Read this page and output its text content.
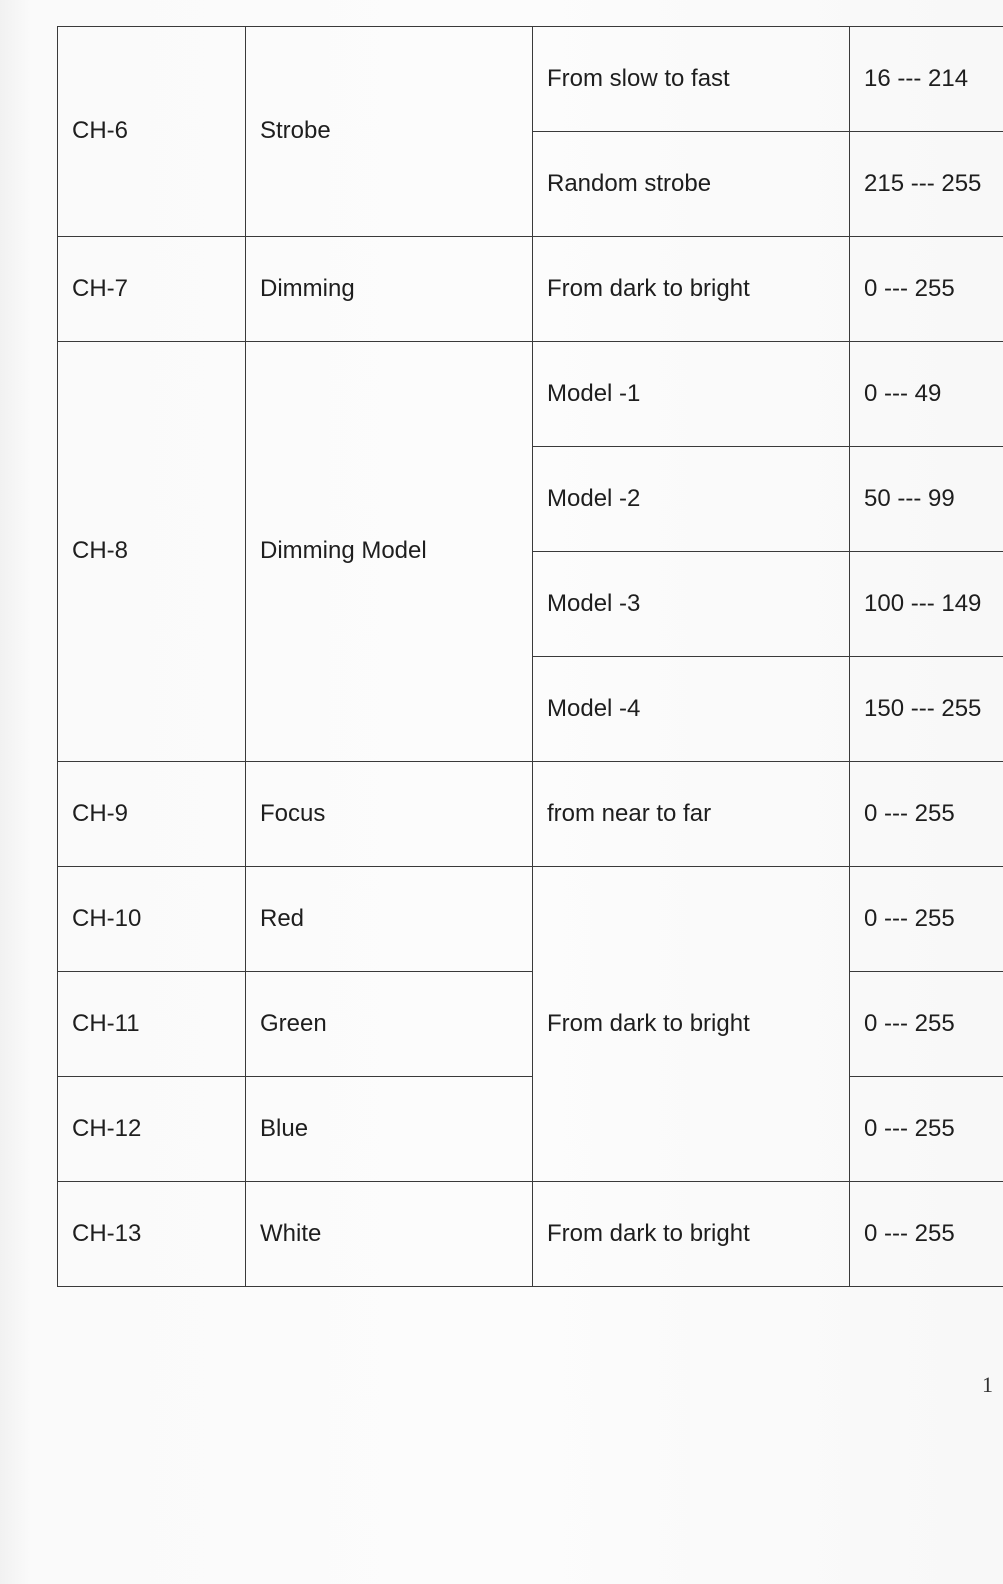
CH-6	Strobe	From slow to fast	16 --- 214
		Random strobe	215 --- 255
CH-7	Dimming	From dark to bright	0 --- 255
CH-8	Dimming Model	Model -1	0 --- 49
		Model -2	50 --- 99
		Model -3	100 --- 149
		Model -4	150 --- 255
CH-9	Focus	from near to far	0 --- 255
CH-10	Red	From dark to bright	0 --- 255
CH-11	Green		0 --- 255
CH-12	Blue		0 --- 255
CH-13	White	From dark to bright	0 --- 255
1
